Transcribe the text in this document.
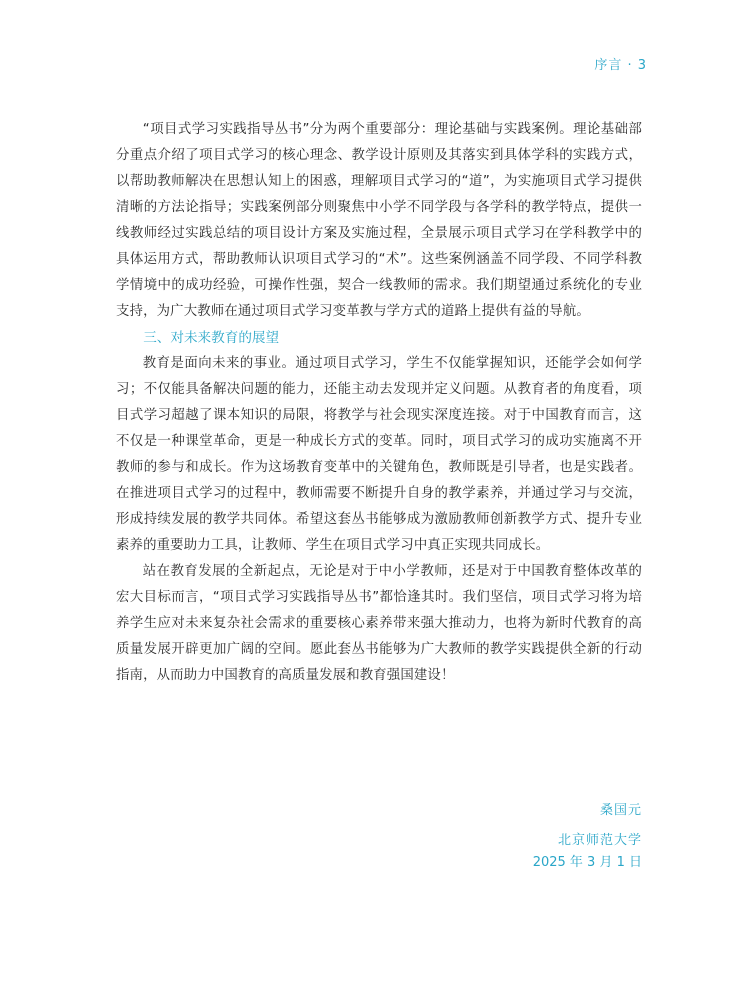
序言 · 3

“项目式学习实践指导丛书”分为两个重要部分：理论基础与实践案例。理论基础部分重点介绍了项目式学习的核心理念、教学设计原则及其落实到具体学科的实践方式，以帮助教师解决在思想认知上的困惑，理解项目式学习的“道”，为实施项目式学习提供清晰的方法论指导；实践案例部分则聚焦中小学不同学段与各学科的教学特点，提供一线教师经过实践总结的项目设计方案及实施过程，全景展示项目式学习在学科教学中的具体运用方式，帮助教师认识项目式学习的“术”。这些案例涵盖不同学段、不同学科教学情境中的成功经验，可操作性强，契合一线教师的需求。我们期望通过系统化的专业支持，为广大教师在通过项目式学习变革教与学方式的道路上提供有益的导航。

三、对未来教育的展望

教育是面向未来的事业。通过项目式学习，学生不仅能掌握知识，还能学会如何学习；不仅能具备解决问题的能力，还能主动去发现并定义问题。从教育者的角度看，项目式学习超越了课本知识的局限，将教学与社会现实深度连接。对于中国教育而言，这不仅是一种课堂革命，更是一种成长方式的变革。同时，项目式学习的成功实施离不开教师的参与和成长。作为这场教育变革中的关键角色，教师既是引导者，也是实践者。在推进项目式学习的过程中，教师需要不断提升自身的教学素养，并通过学习与交流，形成持续发展的教学共同体。希望这套丛书能够成为激励教师创新教学方式、提升专业素养的重要助力工具，让教师、学生在项目式学习中真正实现共同成长。

站在教育发展的全新起点，无论是对于中小学教师，还是对于中国教育整体改革的宏大目标而言，“项目式学习实践指导丛书”都恰逢其时。我们坚信，项目式学习将为培养学生应对未来复杂社会需求的重要核心素养带来强大推动力，也将为新时代教育的高质量发展开辟更加广阔的空间。愿此套丛书能够为广大教师的教学实践提供全新的行动指南，从而助力中国教育的高质量发展和教育强国建设！

桑国元
北京师范大学
2025 年 3 月 1 日
